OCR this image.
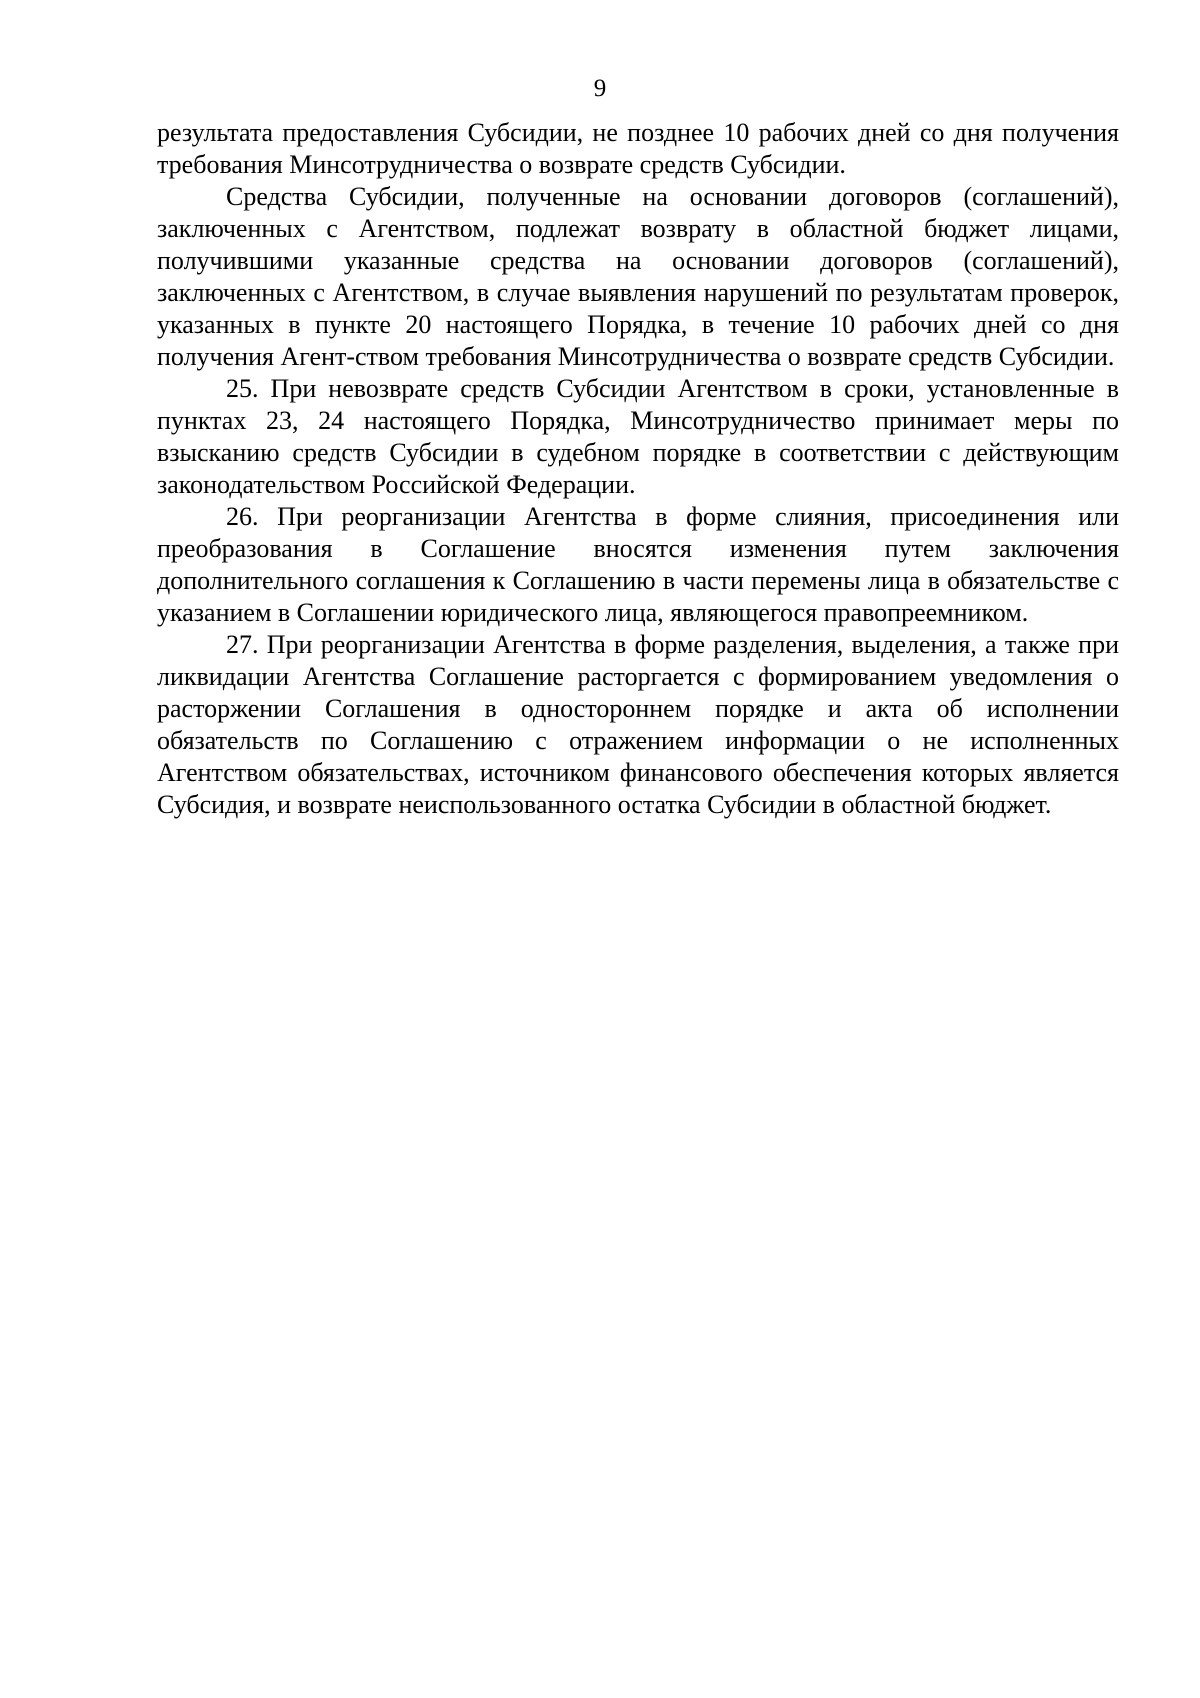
9

результата предоставления Субсидии, не позднее 10 рабочих дней со дня получения требования Минсотрудничества о возврате средств Субсидии.

Средства Субсидии, полученные на основании договоров (соглашений), заключенных с Агентством, подлежат возврату в областной бюджет лицами, получившими указанные средства на основании договоров (соглашений), заключенных с Агентством, в случае выявления нарушений по результатам проверок, указанных в пункте 20 настоящего Порядка, в течение 10 рабочих дней со дня получения Агент-ством требования Минсотрудничества о возврате средств Субсидии.

25. При невозврате средств Субсидии Агентством в сроки, установленные в пунктах 23, 24 настоящего Порядка, Минсотрудничество принимает меры по взысканию средств Субсидии в судебном порядке в соответствии с действующим законодательством Российской Федерации.

26. При реорганизации Агентства в форме слияния, присоединения или преобразования в Соглашение вносятся изменения путем заключения дополнительного соглашения к Соглашению в части перемены лица в обязательстве с указанием в Соглашении юридического лица, являющегося правопреемником.

27. При реорганизации Агентства в форме разделения, выделения, а также при ликвидации Агентства Соглашение расторгается с формированием уведомления о расторжении Соглашения в одностороннем порядке и акта об исполнении обязательств по Соглашению с отражением информации о не исполненных Агентством обязательствах, источником финансового обеспечения которых является Субсидия, и возврате неиспользованного остатка Субсидии в областной бюджет.
